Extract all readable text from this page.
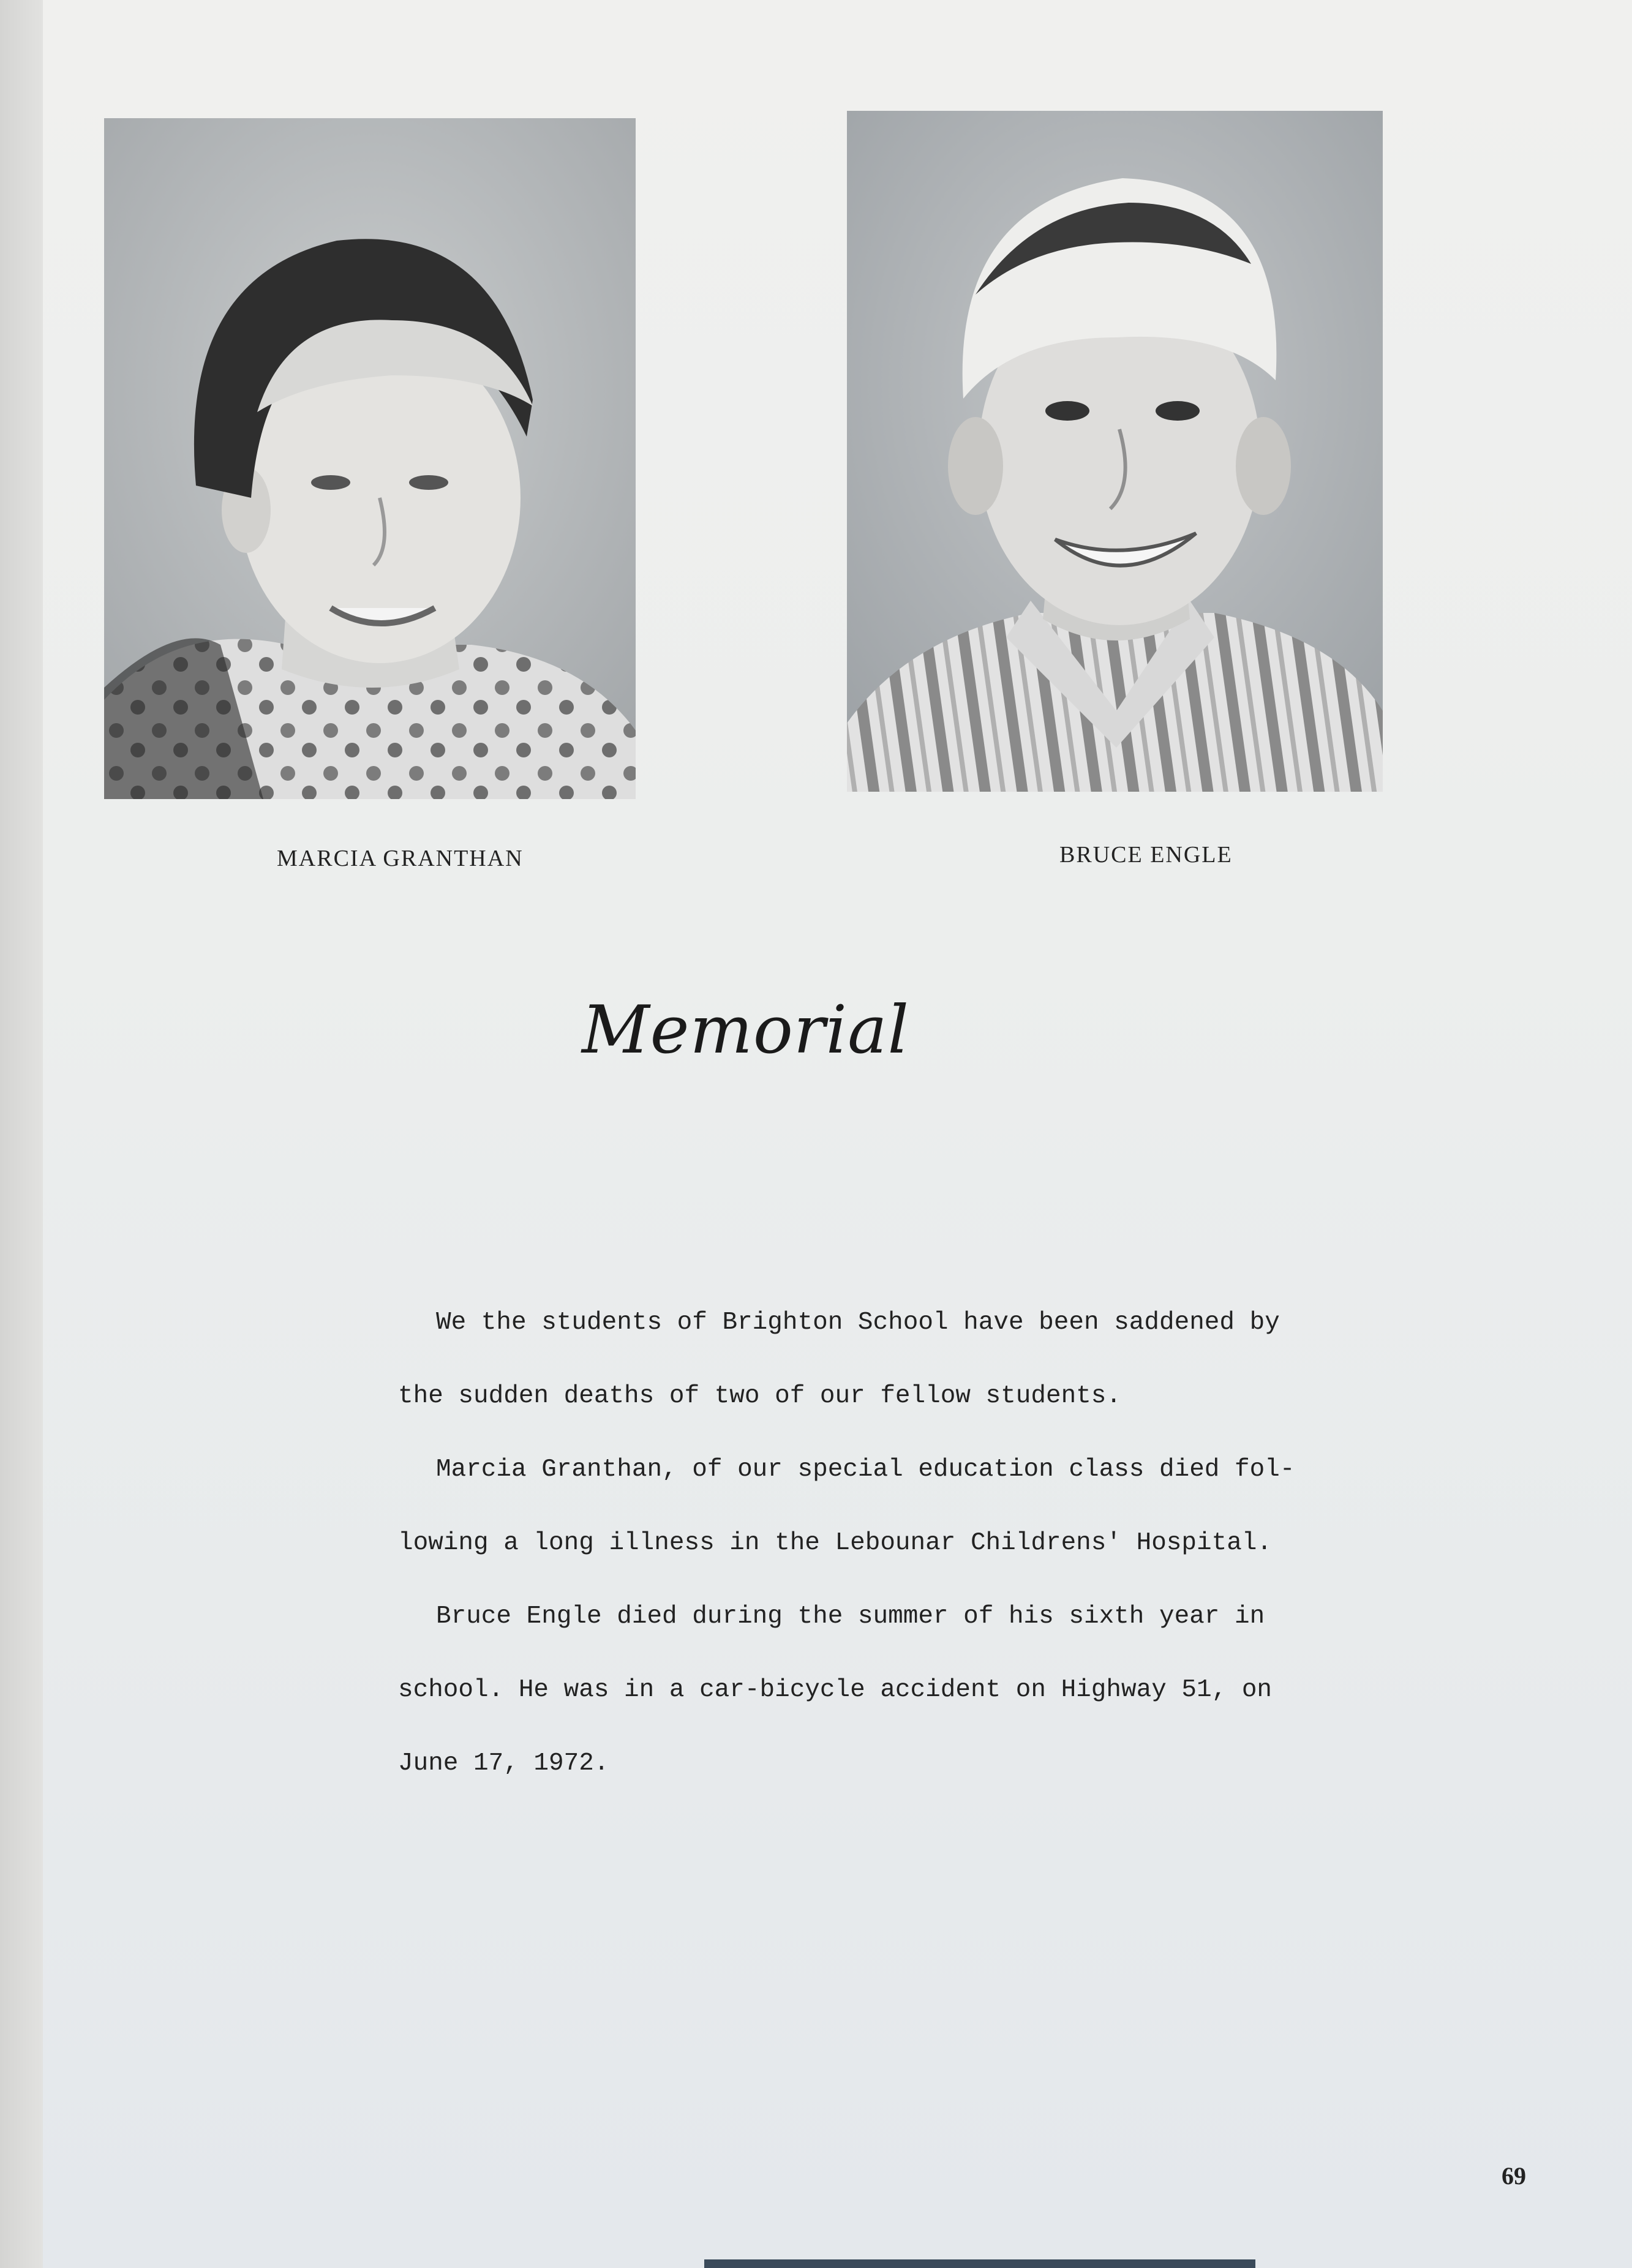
MARCIA GRANTHAN	BRUCE ENGLE
Memorial

We the students of Brighton School have been saddened by

the sudden deaths of two of our fellow students.

Marcia Granthan, of our special education class died fol-

lowing a long illness in the Lebounar Childrens' Hospital.

Bruce Engle died during the summer of his sixth year in

school. He was in a car-bicycle accident on Highway 51, on

June 17, 1972.

69
